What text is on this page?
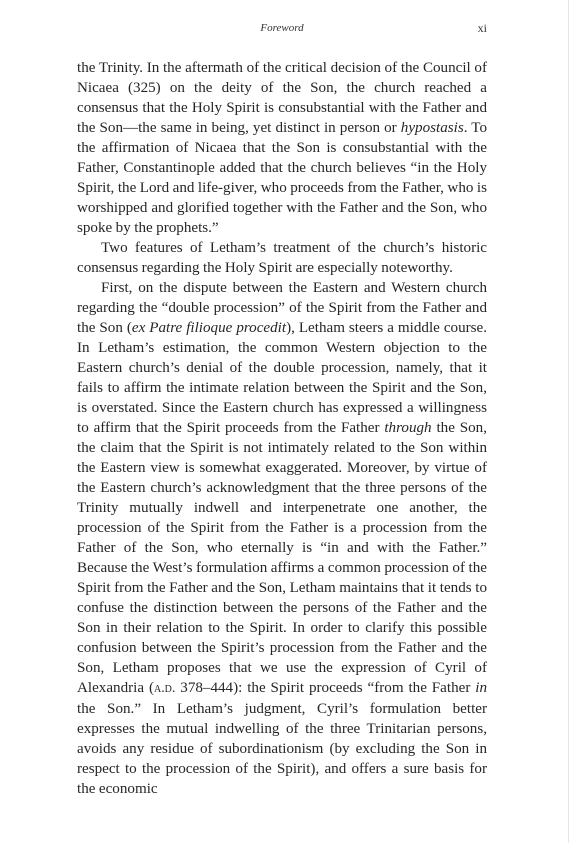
Foreword	xi

the Trinity. In the aftermath of the critical decision of the Council of Nicaea (325) on the deity of the Son, the church reached a consensus that the Holy Spirit is consubstantial with the Father and the Son—the same in being, yet distinct in person or hypostasis. To the affirmation of Nicaea that the Son is consubstantial with the Father, Constantinople added that the church believes “in the Holy Spirit, the Lord and life-giver, who proceeds from the Father, who is worshipped and glorified together with the Father and the Son, who spoke by the prophets.”

Two features of Letham’s treatment of the church’s historic consensus regarding the Holy Spirit are especially noteworthy.

First, on the dispute between the Eastern and Western church regarding the “double procession” of the Spirit from the Father and the Son (ex Patre filioque procedit), Letham steers a middle course. In Letham’s estimation, the common Western objection to the Eastern church’s denial of the double procession, namely, that it fails to affirm the intimate relation between the Spirit and the Son, is overstated. Since the Eastern church has expressed a willingness to affirm that the Spirit proceeds from the Father through the Son, the claim that the Spirit is not intimately related to the Son within the Eastern view is somewhat exaggerated. Moreover, by virtue of the Eastern church’s acknowledgment that the three persons of the Trinity mutually indwell and interpenetrate one another, the procession of the Spirit from the Father is a procession from the Father of the Son, who eternally is “in and with the Father.” Because the West’s formulation affirms a common procession of the Spirit from the Father and the Son, Letham maintains that it tends to confuse the distinction between the persons of the Father and the Son in their relation to the Spirit. In order to clarify this possible confusion between the Spirit’s procession from the Father and the Son, Letham proposes that we use the expression of Cyril of Alexandria (a.d. 378–444): the Spirit proceeds “from the Father in the Son.” In Letham’s judgment, Cyril’s formulation better expresses the mutual indwelling of the three Trinitarian persons, avoids any residue of subordinationism (by excluding the Son in respect to the procession of the Spirit), and offers a sure basis for the economic
